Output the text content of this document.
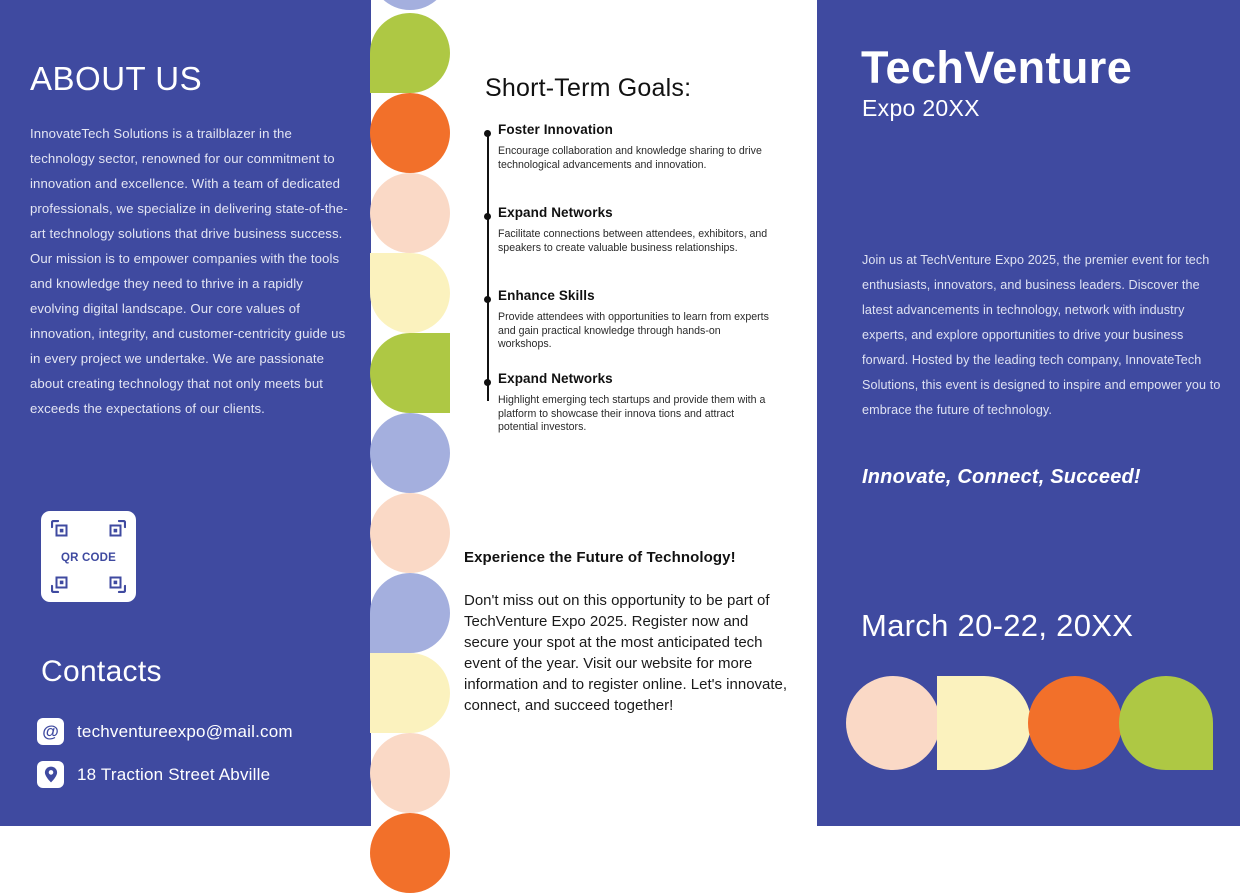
ABOUT US

InnovateTech Solutions is a trailblazer in the technology sector, renowned for our commitment to innovation and excellence. With a team of dedicated professionals, we specialize in delivering state-of-the-art technology solutions that drive business success. Our mission is to empower companies with the tools and knowledge they need to thrive in a rapidly evolving digital landscape. Our core values of innovation, integrity, and customer-centricity guide us in every project we undertake. We are passionate about creating technology that not only meets but exceeds the expectations of our clients.

QR CODE
Contacts
@ techventureexpo@mail.com
18 Traction Street Abville
Short-Term Goals:
Foster Innovation
Encourage collaboration and knowledge sharing to drive technological advancements and innovation.
Expand Networks
Facilitate connections between attendees, exhibitors, and speakers to create valuable business relationships.
Enhance Skills
Provide attendees with opportunities to learn from experts and gain practical knowledge through hands-on workshops.
Expand Networks
Highlight emerging tech startups and provide them with a platform to showcase their innova tions and attract potential investors.
Experience the Future of Technology!

Don't miss out on this opportunity to be part of TechVenture Expo 2025. Register now and secure your spot at the most anticipated tech event of the year. Visit our website for more information and to register online. Let's innovate, connect, and succeed together!

TechVenture
Expo 20XX

Join us at TechVenture Expo 2025, the premier event for tech enthusiasts, innovators, and business leaders. Discover the latest advancements in technology, network with industry experts, and explore opportunities to drive your business forward. Hosted by the leading tech company, InnovateTech Solutions, this event is designed to inspire and empower you to embrace the future of technology.

Innovate, Connect, Succeed!
March 20-22, 20XX
